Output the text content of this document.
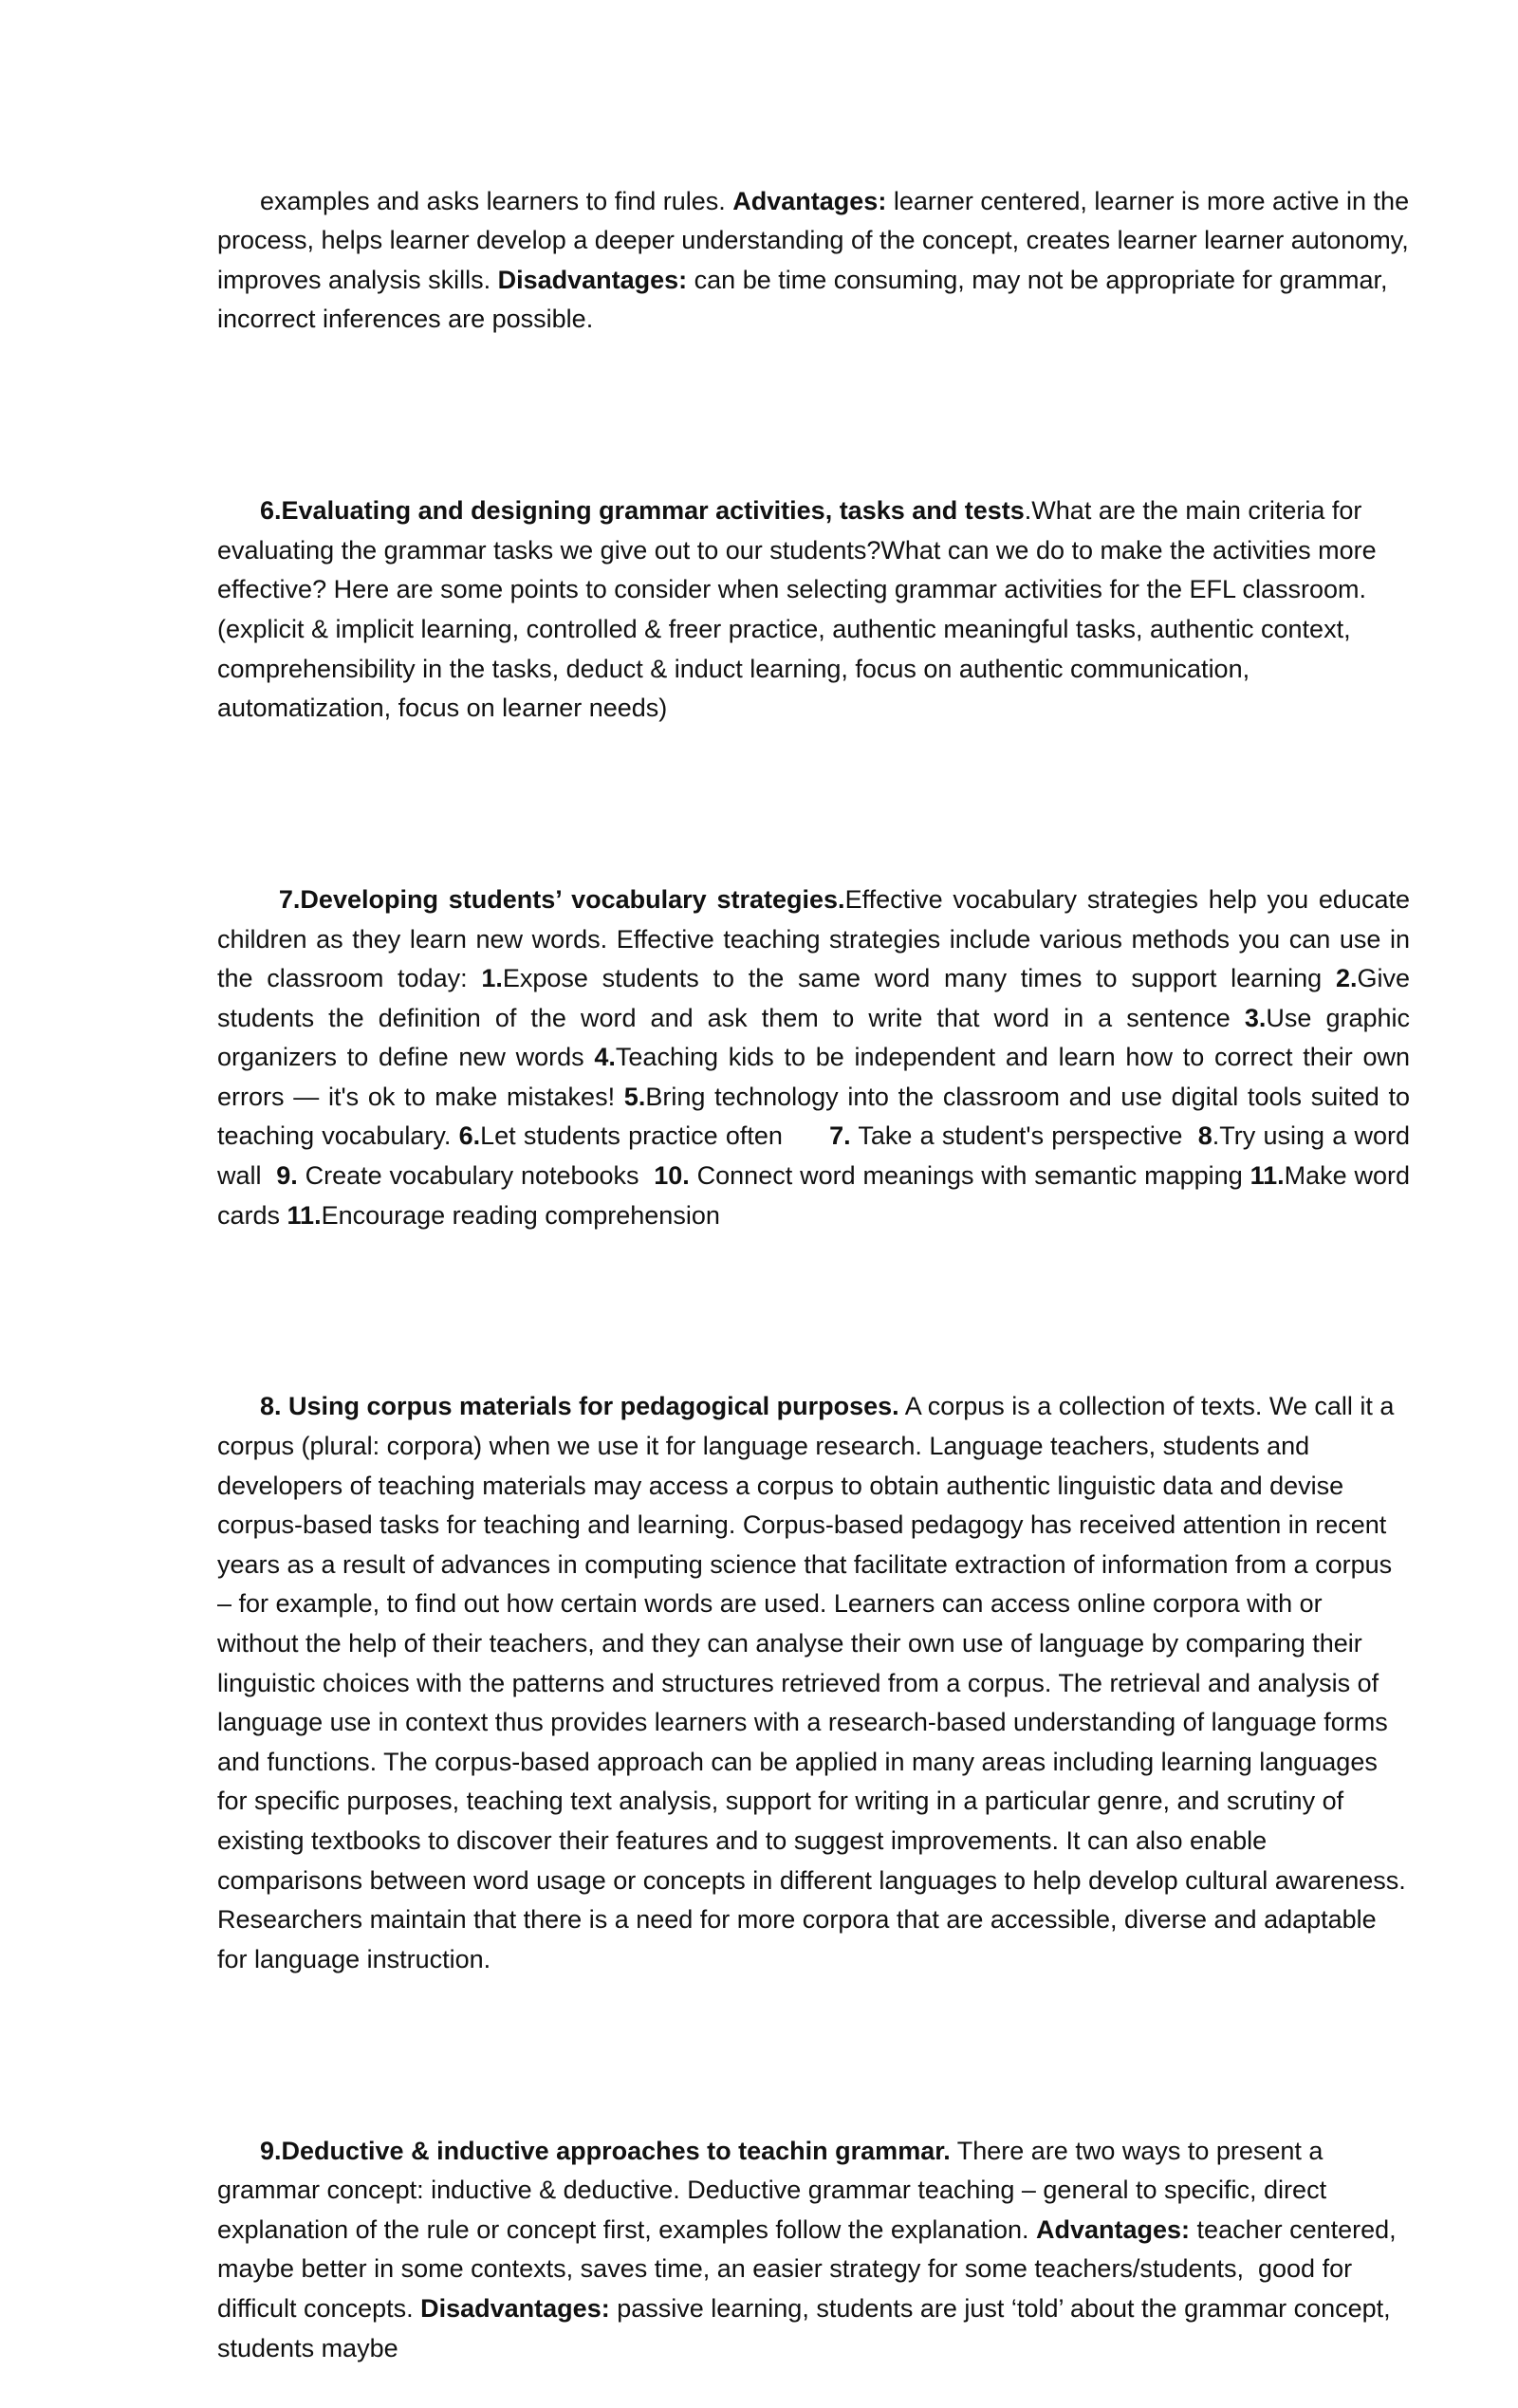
examples and asks learners to find rules. Advantages: learner centered, learner is more active in the process, helps learner develop a deeper understanding of the concept, creates learner learner autonomy, improves analysis skills. Disadvantages: can be time consuming, may not be appropriate for grammar, incorrect inferences are possible.

6.Evaluating and designing grammar activities, tasks and tests.What are the main criteria for evaluating the grammar tasks we give out to our students?What can we do to make the activities more effective? Here are some points to consider when selecting grammar activities for the EFL classroom. (explicit & implicit learning, controlled & freer practice, authentic meaningful tasks, authentic context, comprehensibility in the tasks, deduct & induct learning, focus on authentic communication, automatization, focus on learner needs)

7.Developing students’ vocabulary strategies.Effective vocabulary strategies help you educate children as they learn new words. Effective teaching strategies include various methods you can use in the classroom today: 1.Expose students to the same word many times to support learning 2.Give students the definition of the word and ask them to write that word in a sentence 3.Use graphic organizers to define new words 4.Teaching kids to be independent and learn how to correct their own errors — it's ok to make mistakes! 5.Bring technology into the classroom and use digital tools suited to teaching vocabulary. 6.Let students practice often      7. Take a student's perspective  8.Try using a word wall  9. Create vocabulary notebooks  10. Connect word meanings with semantic mapping 11.Make word cards 11.Encourage reading comprehension

8. Using corpus materials for pedagogical purposes. A corpus is a collection of texts. We call it a corpus (plural: corpora) when we use it for language research. Language teachers, students and developers of teaching materials may access a corpus to obtain authentic linguistic data and devise corpus-based tasks for teaching and learning. Corpus-based pedagogy has received attention in recent years as a result of advances in computing science that facilitate extraction of information from a corpus – for example, to find out how certain words are used. Learners can access online corpora with or without the help of their teachers, and they can analyse their own use of language by comparing their linguistic choices with the patterns and structures retrieved from a corpus. The retrieval and analysis of language use in context thus provides learners with a research-based understanding of language forms and functions. The corpus-based approach can be applied in many areas including learning languages for specific purposes, teaching text analysis, support for writing in a particular genre, and scrutiny of existing textbooks to discover their features and to suggest improvements. It can also enable comparisons between word usage or concepts in different languages to help develop cultural awareness. Researchers maintain that there is a need for more corpora that are accessible, diverse and adaptable for language instruction.

9.Deductive & inductive approaches to teachin grammar. There are two ways to present a grammar concept: inductive & deductive. Deductive grammar teaching – general to specific, direct explanation of the rule or concept first, examples follow the explanation. Advantages: teacher centered, maybe better in some contexts, saves time, an easier strategy for some teachers/students,  good for difficult concepts. Disadvantages: passive learning, students are just ‘told’ about the grammar concept, students maybe
